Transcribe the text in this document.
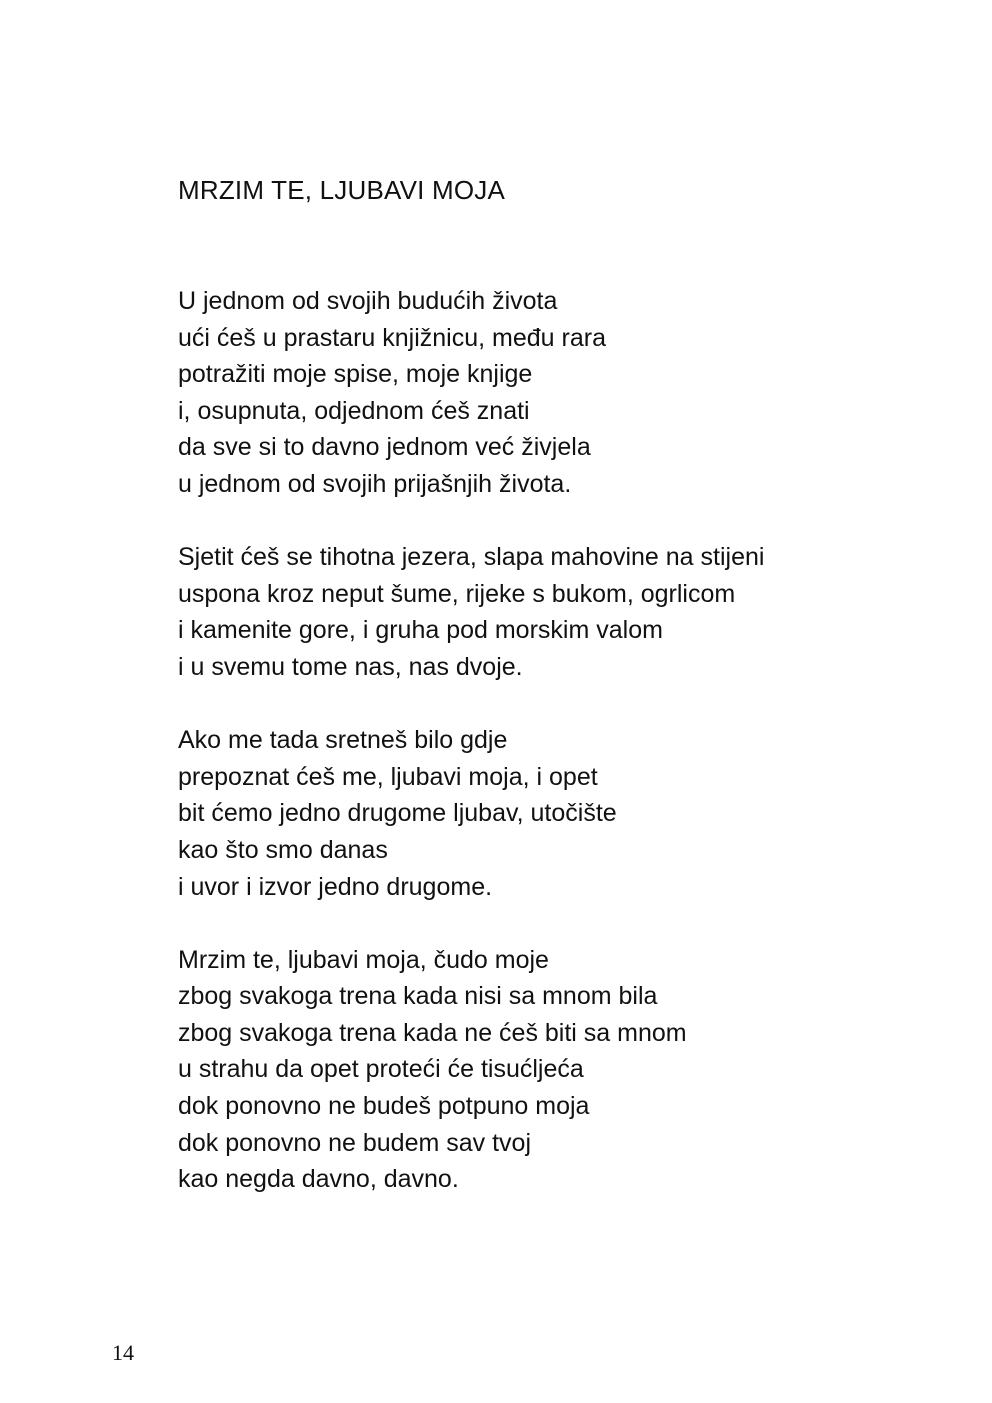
MRZIM TE, LJUBAVI MOJA

U jednom od svojih budućih života
ući ćeš u prastaru knjižnicu, među rara
potražiti moje spise, moje knjige
i, osupnuta, odjednom ćeš znati
da sve si to davno jednom već živjela
u jednom od svojih prijašnjih života.

Sjetit ćeš se tihotna jezera, slapa mahovine na stijeni
uspona kroz neput šume, rijeke s bukom, ogrlicom
i kamenite gore, i gruha pod morskim valom
i u svemu tome nas, nas dvoje.

Ako me tada sretneš bilo gdje
prepoznat ćeš me, ljubavi moja, i opet
bit ćemo jedno drugome ljubav, utočište
kao što smo danas
i uvor i izvor jedno drugome.

Mrzim te, ljubavi moja, čudo moje
zbog svakoga trena kada nisi sa mnom bila
zbog svakoga trena kada ne ćeš biti sa mnom
u strahu da opet proteći će tisućljeća
dok ponovno ne budeš potpuno moja
dok ponovno ne budem sav tvoj
kao negda davno, davno.

14
